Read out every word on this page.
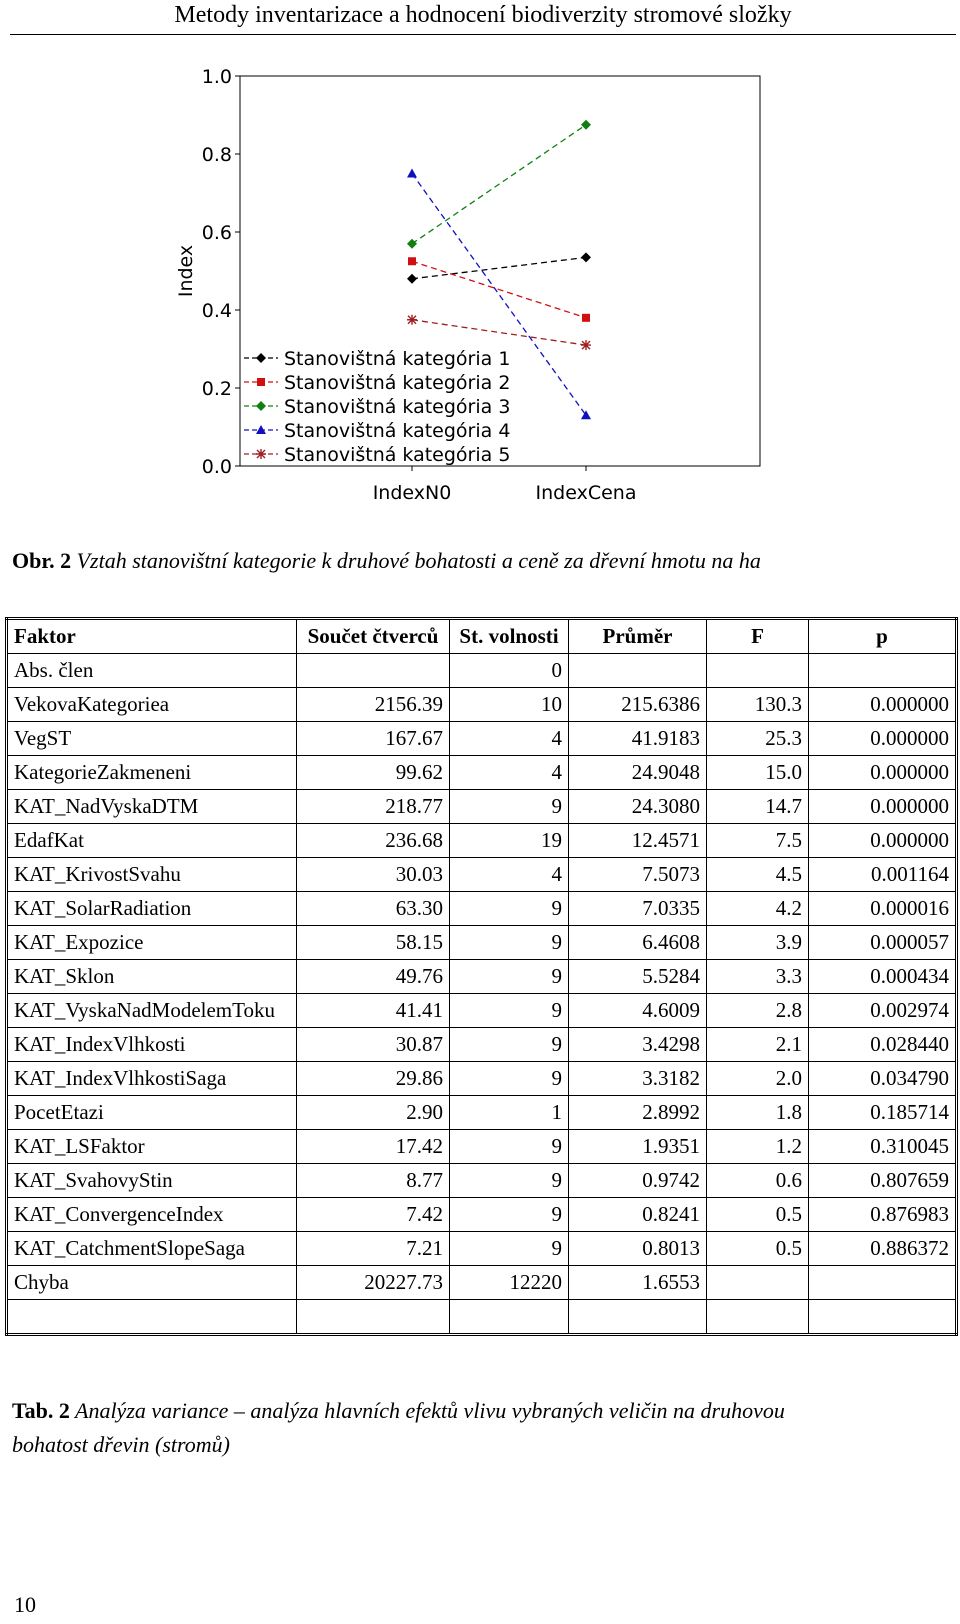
Metody inventarizace a hodnocení biodiverzity stromové složky
0.0
0.2
0.4
0.6
0.8
1.0
IndexN0	IndexCena
Index
Stanovištná kategória 1
Stanovištná kategória 2
Stanovištná kategória 3
Stanovištná kategória 4
Stanovištná kategória 5
Obr. 2 Vztah stanovištní kategorie k druhové bohatosti a ceně za dřevní hmotu na ha
Faktor	Součet čtverců	St. volnosti	Průměr	F	p
Abs. člen		0			
VekovaKategoriea	2156.39	10	215.6386	130.3	0.000000
VegST	167.67	4	41.9183	25.3	0.000000
KategorieZakmeneni	99.62	4	24.9048	15.0	0.000000
KAT_NadVyskaDTM	218.77	9	24.3080	14.7	0.000000
EdafKat	236.68	19	12.4571	7.5	0.000000
KAT_KrivostSvahu	30.03	4	7.5073	4.5	0.001164
KAT_SolarRadiation	63.30	9	7.0335	4.2	0.000016
KAT_Expozice	58.15	9	6.4608	3.9	0.000057
KAT_Sklon	49.76	9	5.5284	3.3	0.000434
KAT_VyskaNadModelemToku	41.41	9	4.6009	2.8	0.002974
KAT_IndexVlhkosti	30.87	9	3.4298	2.1	0.028440
KAT_IndexVlhkostiSaga	29.86	9	3.3182	2.0	0.034790
PocetEtazi	2.90	1	2.8992	1.8	0.185714
KAT_LSFaktor	17.42	9	1.9351	1.2	0.310045
KAT_SvahovyStin	8.77	9	0.9742	0.6	0.807659
KAT_ConvergenceIndex	7.42	9	0.8241	0.5	0.876983
KAT_CatchmentSlopeSaga	7.21	9	0.8013	0.5	0.886372
Chyba	20227.73	12220	1.6553		

Tab. 2 Analýza variance – analýza hlavních efektů vlivu vybraných veličin na druhovou
bohatost dřevin (stromů)
10
